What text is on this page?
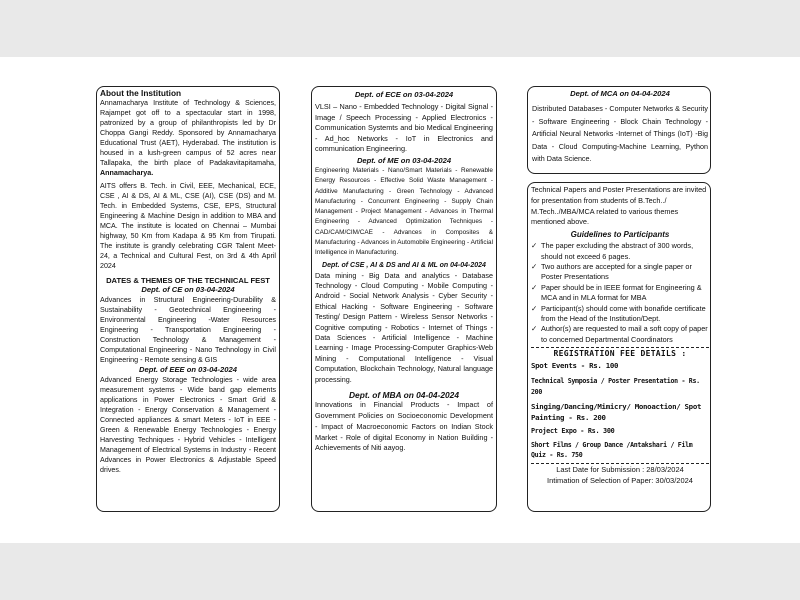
About the Institution

Annamacharya Institute of Technology & Sciences, Rajampet got off to a spectacular start in 1998, patronized by a group of philanthropists led by Dr Choppa Gangi Reddy. Sponsored by Annamacharya Educational Trust (AET), Hyderabad. The institution is housed in a lush-green campus of 52 acres near Tallapaka, the birth place of Padakavitapitamaha, Annamacharya.

AITS offers B. Tech. in Civil, EEE, Mechanical, ECE, CSE , AI & DS, AI & ML, CSE (AI), CSE (DS) and M. Tech. in Embedded Systems, CSE, EPS, Structural Engineering & Machine Design in addition to MBA and MCA. The institute is located on Chennai – Mumbai highway, 50 Km from Kadapa & 95 Km from Tirupati. The institute is grandly celebrating CGR Talent Meet-24, a Technical and Cultural Fest, on 3rd & 4th April 2024

DATES & THEMES OF THE TECHNICAL FEST
Dept. of CE on 03-04-2024

Advances in Structural Engineering-Durability & Sustainability - Geotechnical Engineering - Environmental Engineering -Water Resources Engineering - Transportation Engineering - Construction Technology & Management - Computational Engineering - Nano Technology in Civil Engineering - Remote sensing & GIS

Dept. of EEE on 03-04-2024

Advanced Energy Storage Technologies - wide area measurement systems - Wide band gap elements applications in Power Electronics - Smart Grid & Integration - Energy Conservation & Management - Connected appliances & smart Meters - IoT in EEE - Green & Renewable Energy Technologies - Energy Harvesting Techniques - Hybrid Vehicles - Intelligent Management of Electrical Systems in Industry - Recent Advances in Power Electronics & Adjustable Speed drives.

Dept. of ECE on 03-04-2024

VLSI – Nano - Embedded Technology - Digital Signal - Image / Speech Processing - Applied Electronics - Communication Systemts and bio Medical Engineering - Ad_hoc Networks - IoT in Electronics and communication Engineering.

Dept. of ME on 03-04-2024

Engineering Materials - Nano/Smart Materials - Renewable Energy Resources - Effective Solid Waste Management - Additive Manufacturing - Green Technology - Advanced Manufacturing - Concurrent Engineering - Supply Chain Management - Project Management - Advances in Thermal Engineering - Advanced Optimization Techniques - CAD/CAM/CIM/CAE - Advances in Composites & Manufacturing - Advances in Automobile Engineering - Artificial Intelligence in Manufacturing.

Dept. of CSE , AI & DS and AI & ML on 04-04-2024

Data mining - Big Data and analytics - Database Technology - Cloud Computing - Mobile Computing - Android - Social Network Analysis - Cyber Security - Ethical Hacking - Software Engineering - Software Testing/ Design Pattern - Wireless Sensor Networks - Cognitive computing - Robotics - Internet of Things - Data Sciences - Artificial Intelligence - Machine Learning - Image Processing-Computer Graphics-Web Mining - Computational Intelligence - Visual Computation, Blockchain Technology, Natural language processing.

Dept. of MBA on 04-04-2024

Innovations in Financial Products - Impact of Government Policies on Socioeconomic Development - Impact of Macroeconomic Factors on Indian Stock Market - Role of digital Economy in Nation Building - Achievements of Niti aayog.

Dept. of MCA on 04-04-2024

Distributed Databases - Computer Networks & Security - Software Engineering - Block Chain Technology - Artificial Neural Networks -Internet of Things (IoT) -Big Data - Cloud Computing-Machine Learning, Python with Data Science.

Technical Papers and Poster Presentations are invited for presentation from students of B.Tech../ M.Tech../MBA/MCA related to various themes mentioned above.

Guidelines to Participants
✓ The paper excluding the abstract of 300 words, should not exceed 6 pages.
✓ Two authors are accepted for a single paper or Poster Presentations
✓ Paper should be in IEEE format for Engineering & MCA and in MLA format for MBA
✓ Participant(s) should come with bonafide certificate from the Head of the Institution/Dept.
✓ Author(s) are requested to mail a soft copy of paper to concerned Departmental Coordinators
REGISTRATION FEE DETAILS :
Spot Events - Rs. 100
Technical Symposia / Poster Presentation - Rs. 200
Singing/Dancing/Mimicry/ Monoaction/ Spot Painting - Rs. 200
Project Expo - Rs. 300
Short Films / Group Dance /Antakshari / Film Quiz - Rs. 750
Last Date for Submission : 28/03/2024
Intimation of Selection of Paper: 30/03/2024
